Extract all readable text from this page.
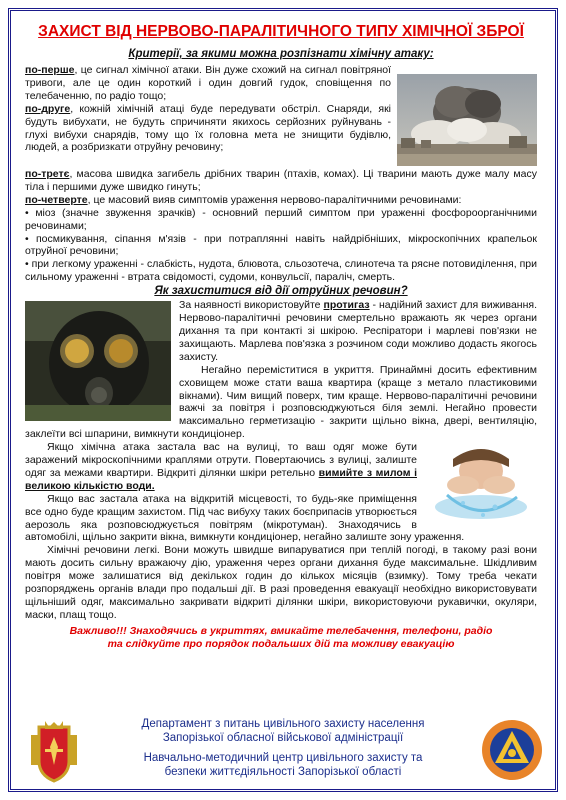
ЗАХИСТ ВІД НЕРВОВО-ПАРАЛІТИЧНОГО ТИПУ ХІМІЧНОЇ ЗБРОЇ
Критерії, за якими можна розпізнати хімічну атаку:

по-перше, це сигнал хімічної атаки. Він дуже схожий на сигнал повітряної тривоги, але це один короткий і один довгий гудок, сповіщення по телебаченню, по радіо тощо;

по-друге, кожній хімічній атаці буде передувати обстріл. Снаряди, які будуть вибухати, не будуть спричиняти якихось серйозних руйнувань - глухі вибухи снарядів, тому що їх головна мета не знищити будівлю, людей, а розбризкати отруйну речовину;

по-третє, масова швидка загибель дрібних тварин (птахів, комах). Ці тварини мають дуже малу масу тіла і першими дуже швидко гинуть;

по-четверте, це масовий вияв симптомів ураження нервово-паралітичними речовинами:

• міоз (значне звуження зрачків) - основний перший симптом при ураженні фосфороорганічними речовинами;

• посмикування, сіпання м'язів - при потраплянні навіть найдрібніших, мікроскопічних крапельок отруйної речовини;

• при легкому ураженні - слабкість, нудота, блювота, сльозотеча, слинотеча та рясне потовиділення, при сильному ураженні - втрата свідомості, судоми, конвульсії, параліч, смерть.

Як захиститися від дії отруйних речовин?

За наявності використовуйте протигаз - надійний захист для виживання. Нервово-паралітичні речовини смертельно вражають як через органи дихання та при контакті зі шкірою. Респіратори і марлеві пов'язки не захищають. Марлева пов'язка з розчином соди можливо додасть якогось захисту.

Негайно переміститися в укриття. Принаймні досить ефективним сховищем може стати ваша квартира (краще з метало пластиковими вікнами). Чим вищий поверх, тим краще. Нервово-паралітичні речовини важчі за повітря і розповсюджуються біля землі. Негайно провести максимально герметизацію - закрити щільно вікна, двері, вентиляцію, заклеїти всі шпарини, вимкнути кондиціонер.

Якщо хімічна атака застала вас на вулиці, то ваш одяг може бути заражений мікроскопічними краплями отрути. Повертаючись з вулиці, залиште одяг за межами квартири. Відкриті ділянки шкіри ретельно вимийте з милом і великою кількістю води.

Якщо вас застала атака на відкритій місцевості, то будь-яке приміщення все одно буде кращим захистом. Під час вибуху таких боєприпасів утворюється аерозоль яка розповсюджується повітрям (мікротуман). Знаходячись в автомобілі, щільно закрити вікна, вимкнути кондиціонер, негайно залиште зону ураження.

Хімічні речовини легкі. Вони можуть швидше випаруватися при теплій погоді, в такому разі вони мають досить сильну вражаючу дію, ураження через органи дихання буде максимальне. Шкідливим повітря може залишатися від декількох годин до кількох місяців (взимку). Тому треба чекати розпоряджень органів влади про подальші дії. В разі проведення евакуації необхідно використовувати щільніший одяг, максимально закривати відкриті ділянки шкіри, використовуючи рукавички, окуляри, маски, плащ тощо.

Важливо!!! Знаходячись в укриттях, вмикайте телебачення, телефони, радіо
та слідкуйте про порядок подальших дій та можливу евакуацію
Департамент з питань цивільного захисту населення
Запорізької обласної військової адміністрації
Навчально-методичний центр цивільного захисту та
безпеки життєдіяльності Запорізької області
